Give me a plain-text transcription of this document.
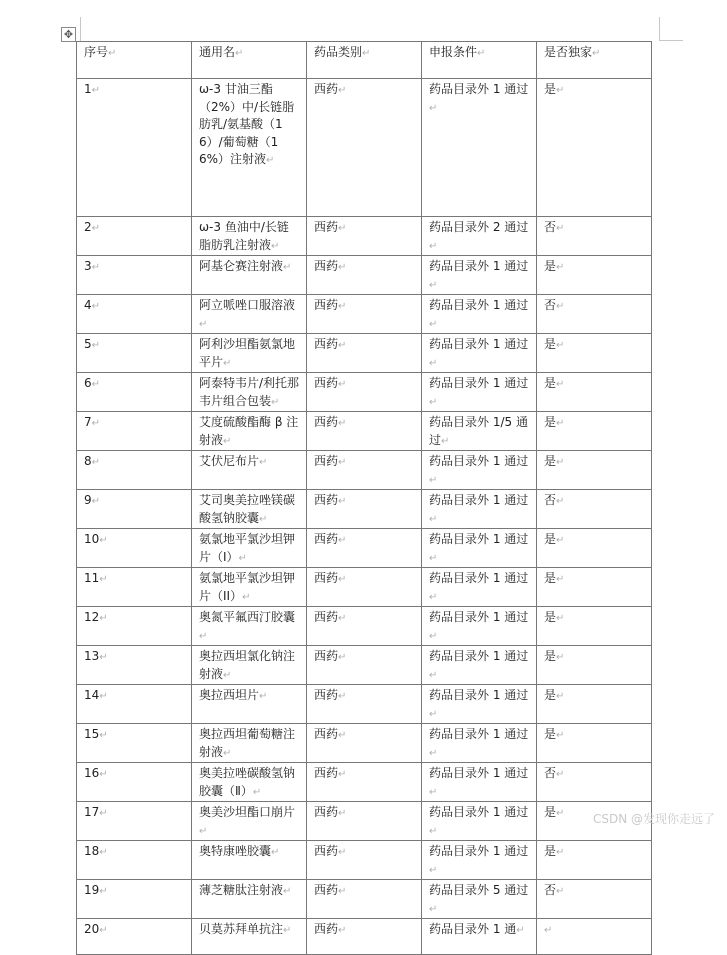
✥
序号↵	通用名↵	药品类别↵	申报条件↵	是否独家↵
1↵	ω-3 甘油三酯（2%）中/长链脂肪乳/氨基酸（16）/葡萄糖（16%）注射液↵	西药↵	药品目录外 1 通过↵	是↵
2↵	ω-3 鱼油中/长链脂肪乳注射液↵	西药↵	药品目录外 2 通过↵	否↵
3↵	阿基仑赛注射液↵	西药↵	药品目录外 1 通过↵	是↵
4↵	阿立哌唑口服溶液↵	西药↵	药品目录外 1 通过↵	否↵
5↵	阿利沙坦酯氨氯地平片↵	西药↵	药品目录外 1 通过↵	是↵
6↵	阿泰特韦片/利托那韦片组合包装↵	西药↵	药品目录外 1 通过↵	是↵
7↵	艾度硫酸酯酶 β 注射液↵	西药↵	药品目录外 1/5 通过↵	是↵
8↵	艾伏尼布片↵	西药↵	药品目录外 1 通过↵	是↵
9↵	艾司奥美拉唑镁碳酸氢钠胶囊↵	西药↵	药品目录外 1 通过↵	否↵
10↵	氨氯地平氯沙坦钾片（I）↵	西药↵	药品目录外 1 通过↵	是↵
11↵	氨氯地平氯沙坦钾片（II）↵	西药↵	药品目录外 1 通过↵	是↵
12↵	奥氮平氟西汀胶囊↵	西药↵	药品目录外 1 通过↵	是↵
13↵	奥拉西坦氯化钠注射液↵	西药↵	药品目录外 1 通过↵	是↵
14↵	奥拉西坦片↵	西药↵	药品目录外 1 通过↵	是↵
15↵	奥拉西坦葡萄糖注射液↵	西药↵	药品目录外 1 通过↵	是↵
16↵	奥美拉唑碳酸氢钠胶囊（Ⅱ）↵	西药↵	药品目录外 1 通过↵	否↵
17↵	奥美沙坦酯口崩片↵	西药↵	药品目录外 1 通过↵	是↵
18↵	奥特康唑胶囊↵	西药↵	药品目录外 1 通过↵	是↵
19↵	薄芝糖肽注射液↵	西药↵	药品目录外 5 通过↵	否↵
20↵	贝莫苏拜单抗注↵	西药↵	药品目录外 1 通↵	↵
CSDN @发现你走远了
